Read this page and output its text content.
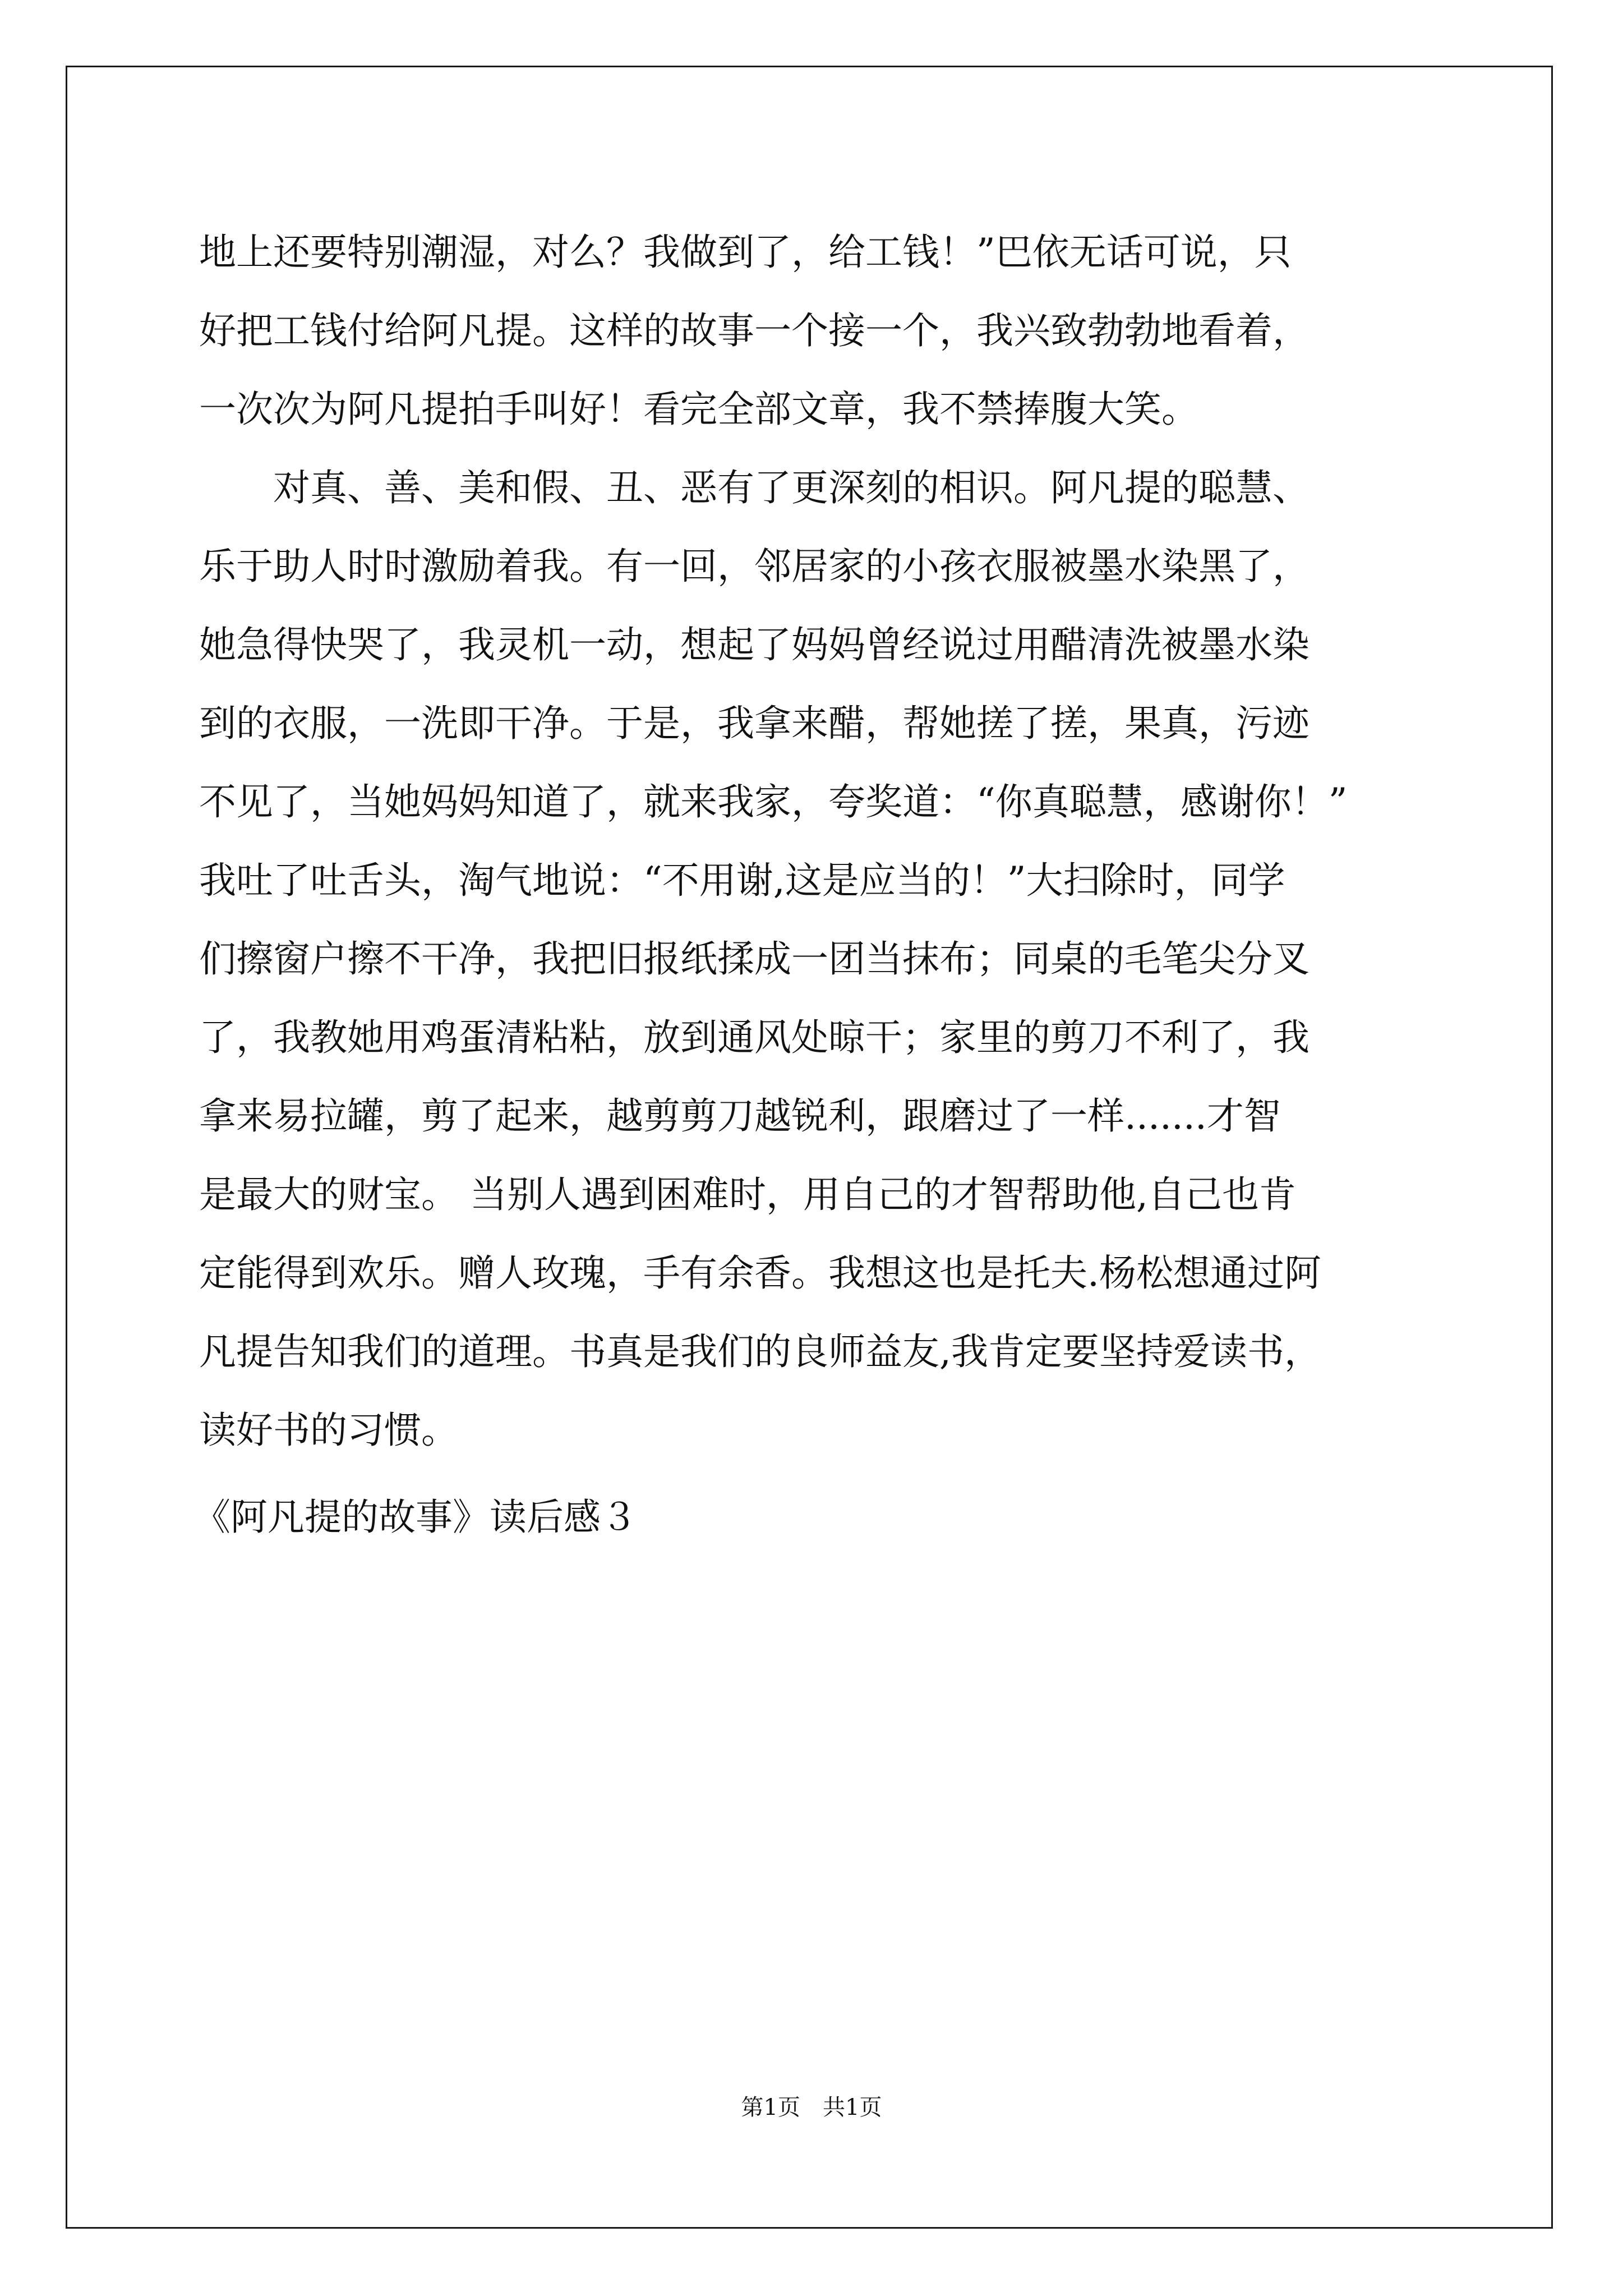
地上还要特别潮湿，对么？我做到了，给工钱！”巴依无话可说，只
好把工钱付给阿凡提。这样的故事一个接一个，我兴致勃勃地看着，
一次次为阿凡提拍手叫好！看完全部文章，我不禁捧腹大笑。
对真、善、美和假、丑、恶有了更深刻的相识。阿凡提的聪慧、
乐于助人时时激励着我。有一回，邻居家的小孩衣服被墨水染黑了，
她急得快哭了，我灵机一动，想起了妈妈曾经说过用醋清洗被墨水染
到的衣服，一洗即干净。于是，我拿来醋，帮她搓了搓，果真，污迹
不见了，当她妈妈知道了，就来我家，夸奖道：“你真聪慧，感谢你！”
我吐了吐舌头，淘气地说：“不用谢,这是应当的！”大扫除时，同学
们擦窗户擦不干净，我把旧报纸揉成一团当抹布；同桌的毛笔尖分叉
了，我教她用鸡蛋清粘粘，放到通风处晾干；家里的剪刀不利了，我
拿来易拉罐，剪了起来，越剪剪刀越锐利，跟磨过了一样.......才智
是最大的财宝。 当别人遇到困难时，用自己的才智帮助他,自己也肯
定能得到欢乐。赠人玫瑰，手有余香。我想这也是托夫.杨松想通过阿
凡提告知我们的道理。书真是我们的良师益友,我肯定要坚持爱读书，
读好书的习惯。
《阿凡提的故事》读后感３
第1页　共1页
